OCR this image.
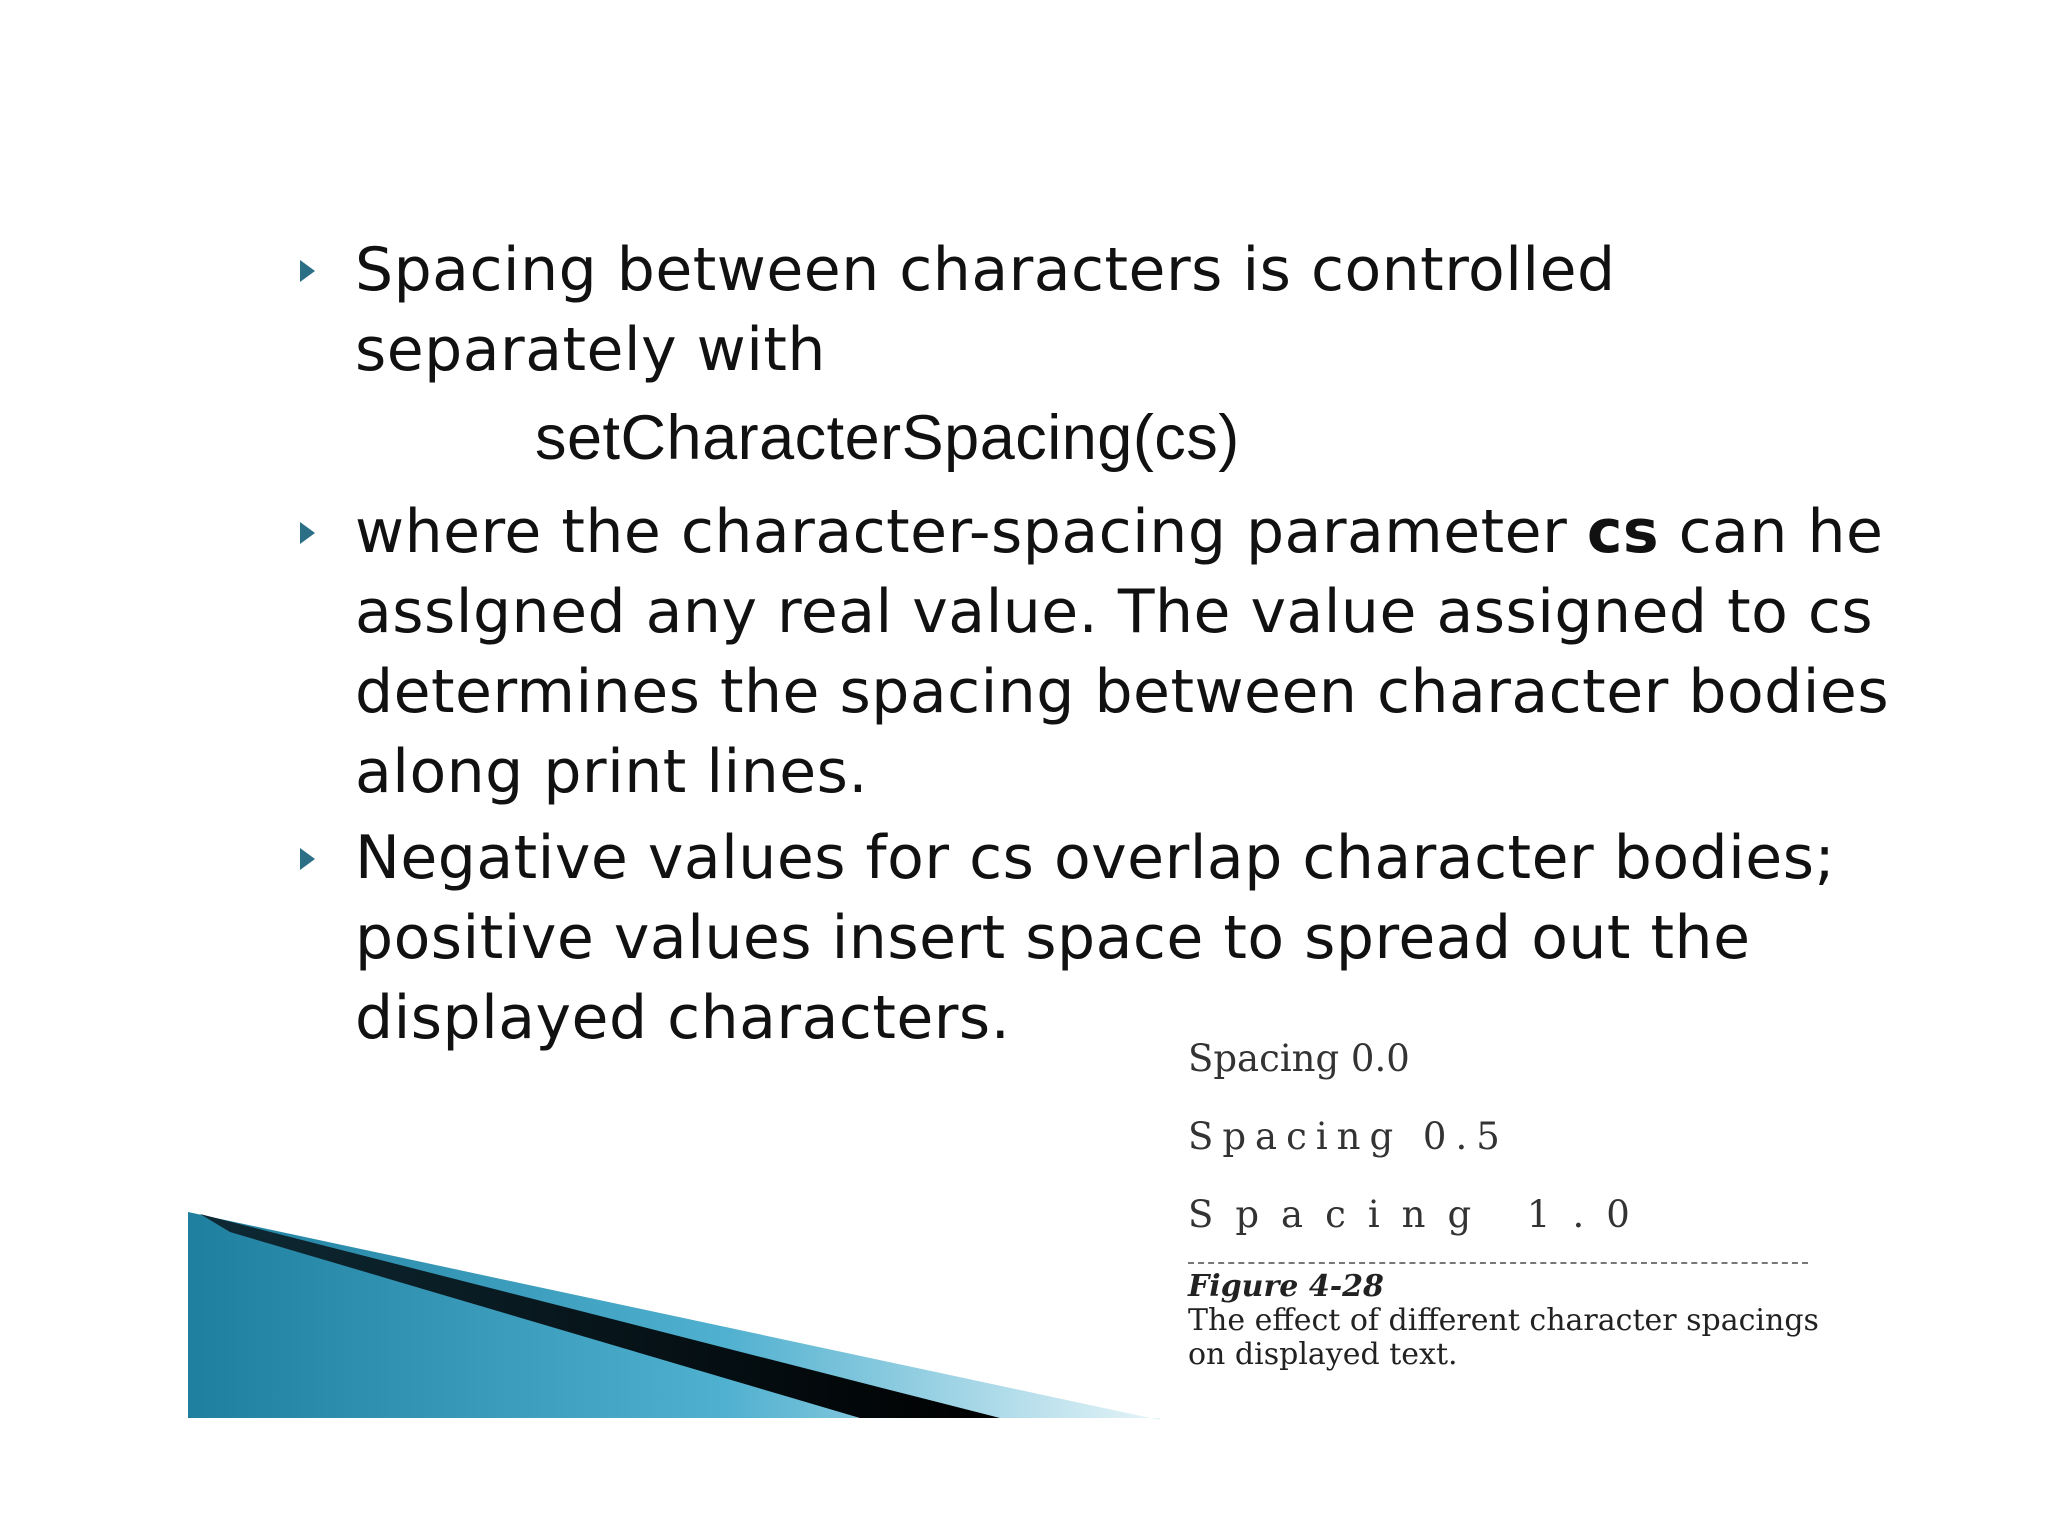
Spacing between characters is controlled separately with
setCharacterSpacing(cs)
where the character-spacing parameter cs can he asslgned any real value. The value assigned to cs determines the spacing between character bodies along print lines.
Negative values for cs overlap character bodies; positive values insert space to spread out the displayed characters.
Spacing 0.0
Spacing 0.5
Spacing 1.0
Figure 4-28
The effect of different character spacings on displayed text.
